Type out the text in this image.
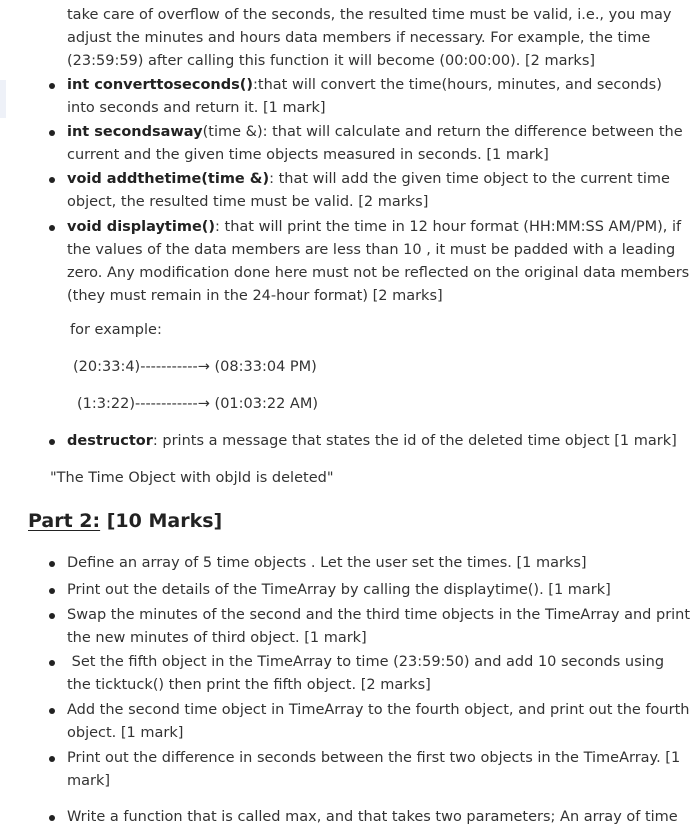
take care of overflow of the seconds, the resulted time must be valid, i.e., you may adjust the minutes and hours data members if necessary. For example, the time (23:59:59) after calling this function it will become (00:00:00). [2 marks]
int converttoseconds():that will convert the time(hours, minutes, and seconds) into seconds and return it. [1 mark]
int secondsaway(time &): that will calculate and return the difference between the current and the given time objects measured in seconds. [1 mark]
void addthetime(time &): that will add the given time object to the current time object, the resulted time must be valid. [2 marks]
void displaytime(): that will print the time in 12 hour format (HH:MM:SS AM/PM), if the values of the data members are less than 10 , it must be padded with a leading zero. Any modification done here must not be reflected on the original data members (they must remain in the 24-hour format) [2 marks]
for example:
(20:33:4)-----------→ (08:33:04 PM)
(1:3:22)------------→ (01:03:22 AM)
destructor: prints a message that states the id of the deleted time object [1 mark]
"The Time Object with objId is deleted"
Part 2: [10 Marks]
Define an array of 5 time objects . Let the user set the times. [1 marks]
Print out the details of the TimeArray by calling the displaytime(). [1 mark]
Swap the minutes of the second and the third time objects in the TimeArray and print the new minutes of third object. [1 mark]
Set the fifth object in the TimeArray to time (23:59:50) and add 10 seconds using the ticktuck() then print the fifth object. [2 marks]
Add the second time object in TimeArray to the fourth object, and print out the fourth object. [1 mark]
Print out the difference in seconds between the first two objects in the TimeArray. [1 mark]
Write a function that is called max, and that takes two parameters; An array of time
